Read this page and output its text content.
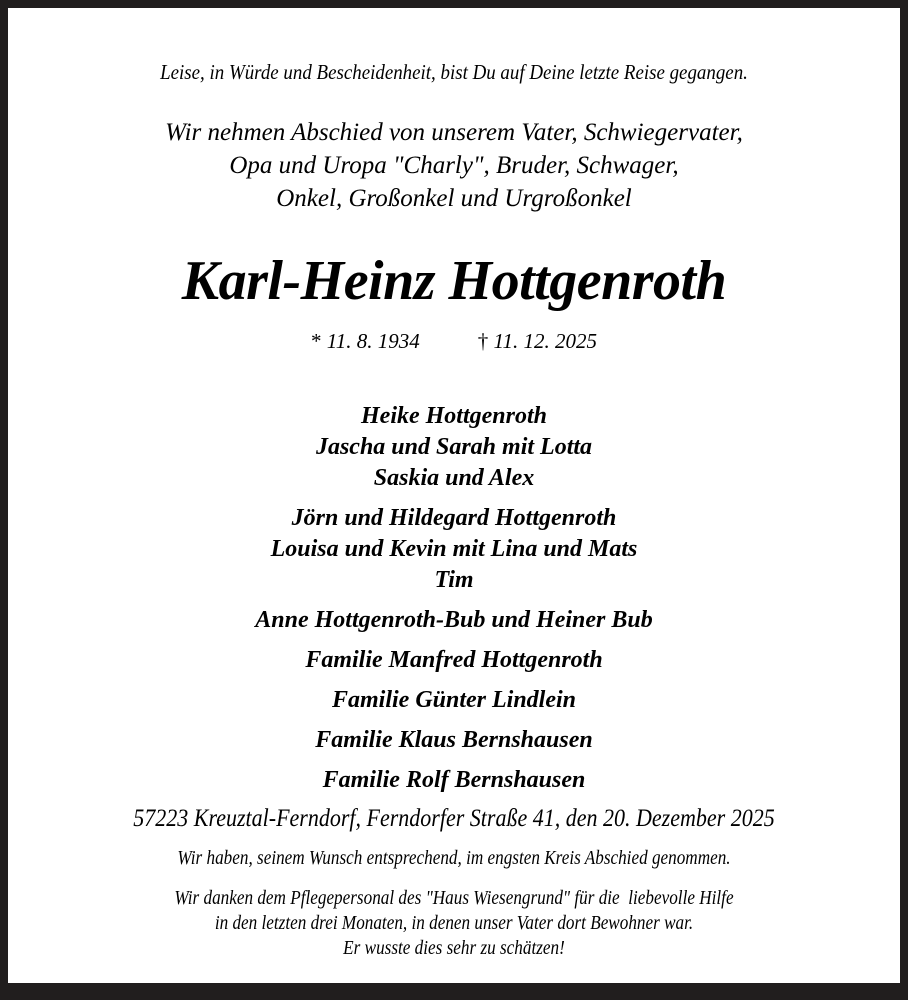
Leise, in Würde und Bescheidenheit, bist Du auf Deine letzte Reise gegangen.
Wir nehmen Abschied von unserem Vater, Schwiegervater,
Opa und Uropa "Charly", Bruder, Schwager,
Onkel, Großonkel und Urgroßonkel
Karl-Heinz Hottgenroth
* 11. 8. 1934	† 11. 12. 2025
Heike Hottgenroth
Jascha und Sarah mit Lotta
Saskia und Alex
Jörn und Hildegard Hottgenroth
Louisa und Kevin mit Lina und Mats
Tim
Anne Hottgenroth-Bub und Heiner Bub
Familie Manfred Hottgenroth
Familie Günter Lindlein
Familie Klaus Bernshausen
Familie Rolf Bernshausen
57223 Kreuztal-Ferndorf, Ferndorfer Straße 41, den 20. Dezember 2025
Wir haben, seinem Wunsch entsprechend, im engsten Kreis Abschied genommen.
Wir danken dem Pflegepersonal des "Haus Wiesengrund" für die  liebevolle Hilfe
in den letzten drei Monaten, in denen unser Vater dort Bewohner war.
Er wusste dies sehr zu schätzen!
